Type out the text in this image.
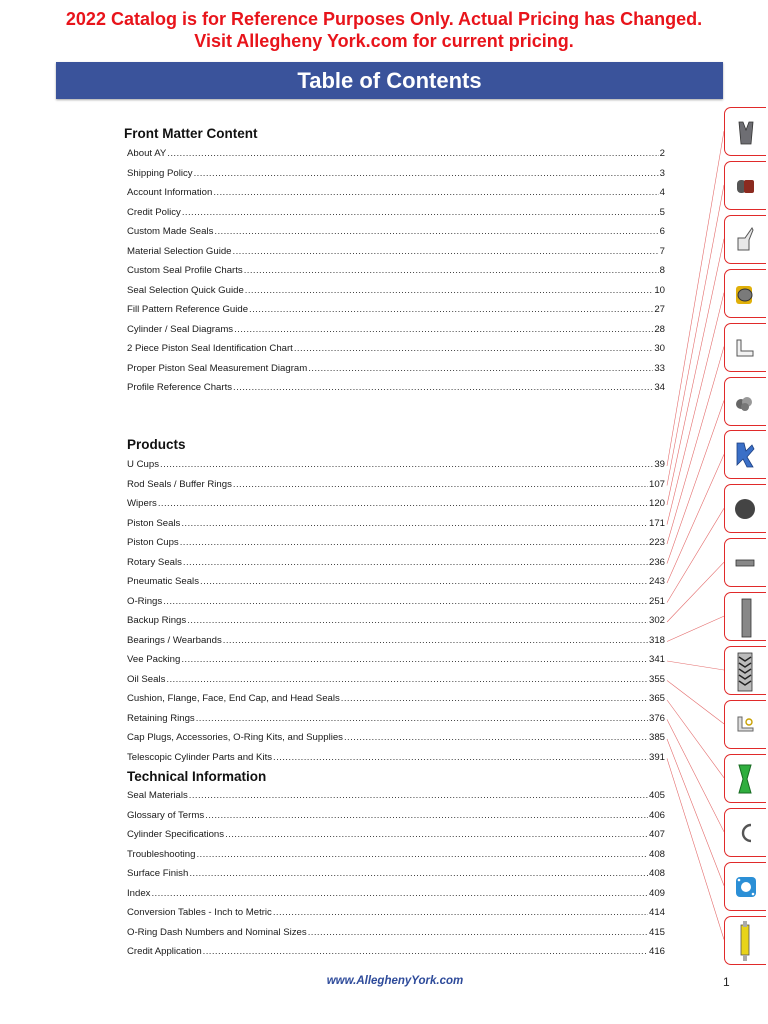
2022 Catalog is for Reference Purposes Only. Actual Pricing has Changed.
Visit Allegheny York.com for current pricing.
Table of Contents
Front Matter Content
About AY .....	2
Shipping Policy .....	3
Account Information .....	4
Credit Policy .....	5
Custom Made Seals .....	6
Material Selection Guide .....	7
Custom Seal Profile Charts .....	8
Seal Selection Quick Guide .....	10
Fill Pattern Reference Guide .....	27
Cylinder / Seal Diagrams .....	28
2 Piece Piston Seal Identification Chart .....	30
Proper Piston Seal Measurement Diagram .....	33
Profile Reference Charts .....	34
Products
U Cups .....	39
Rod Seals / Buffer Rings .....	107
Wipers .....	120
Piston Seals .....	171
Piston Cups .....	223
Rotary Seals .....	236
Pneumatic Seals .....	243
O-Rings .....	251
Backup Rings .....	302
Bearings / Wearbands .....	318
Vee Packing .....	341
Oil Seals .....	355
Cushion, Flange, Face, End Cap, and Head Seals .....	365
Retaining Rings .....	376
Cap Plugs, Accessories, O-Ring Kits, and Supplies .....	385
Telescopic Cylinder Parts and Kits .....	391
Technical Information
Seal Materials .....	405
Glossary of Terms .....	406
Cylinder Specifications .....	407
Troubleshooting .....	408
Surface Finish .....	408
Index .....	409
Conversion Tables - Inch to Metric .....	414
O-Ring Dash Numbers and Nominal Sizes .....	415
Credit Application .....	416
www.AlleghenyYork.com	1
